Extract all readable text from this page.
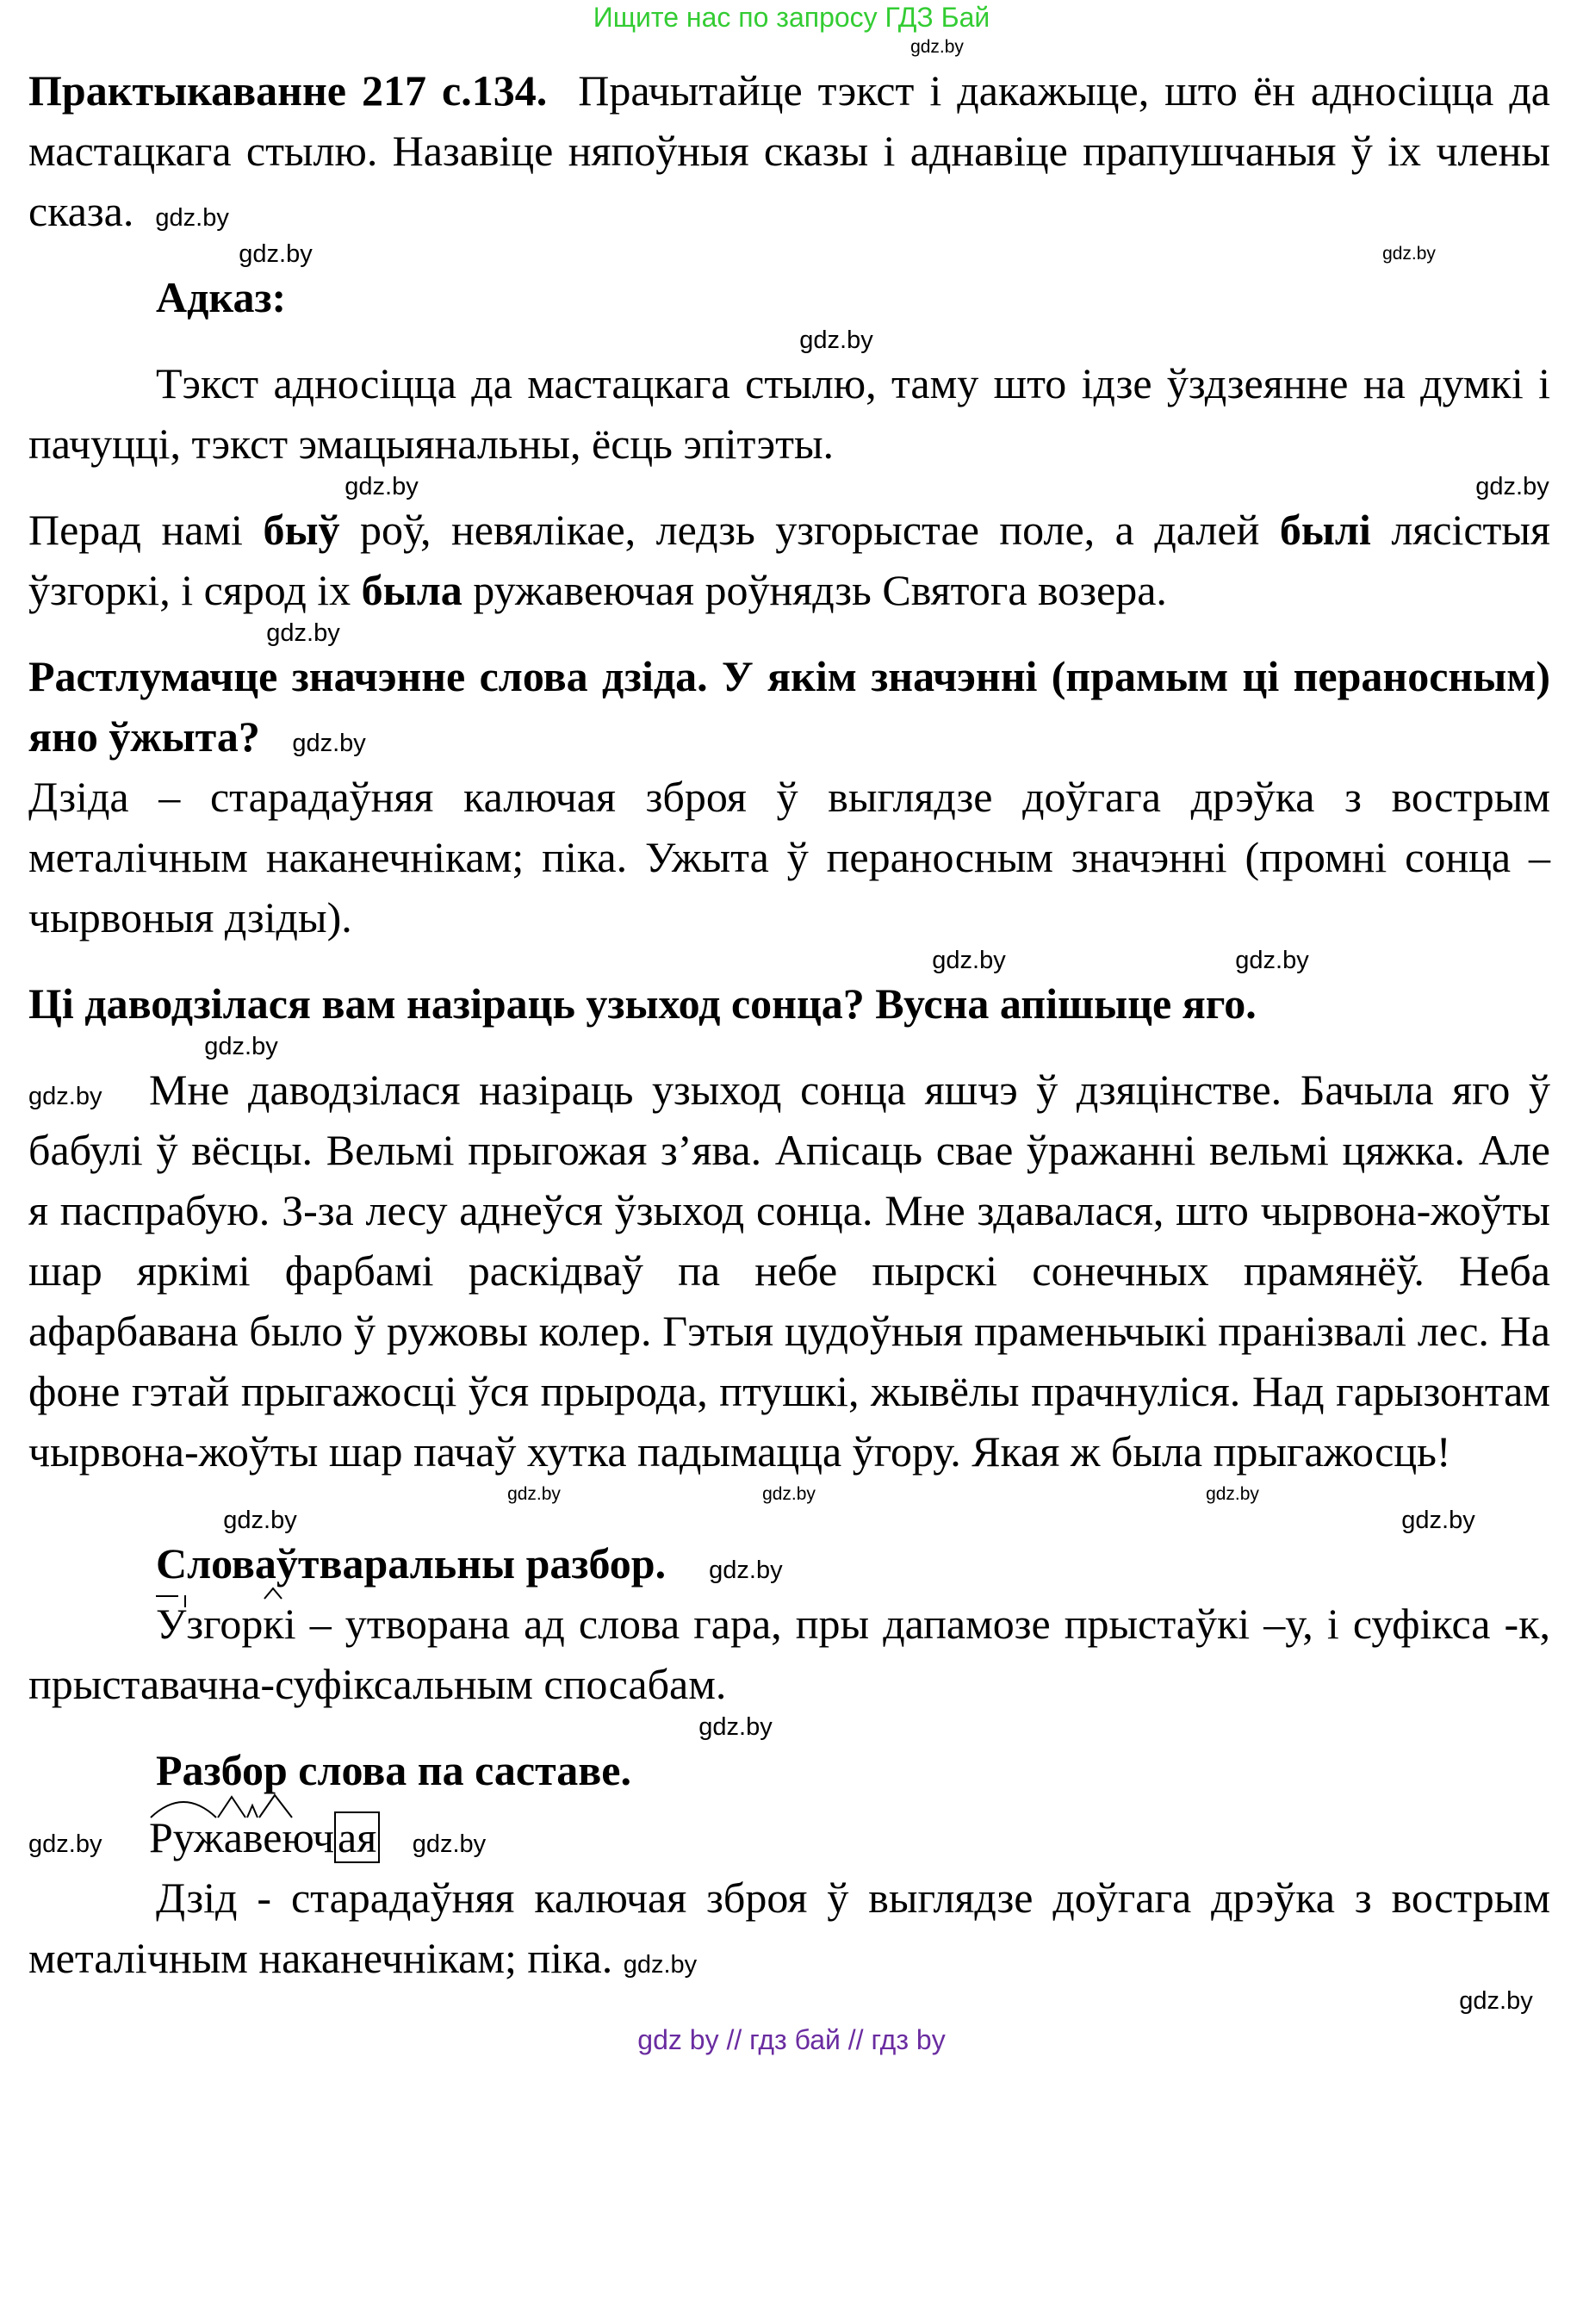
Ищите нас по запросу ГДЗ Бай
gdz.by
Практыкаванне 217 с.134. Прачытайце тэкст і дакажыце, што ён адносіцца да мастацкага стылю. Назавіце няпоўныя сказы і аднавіце прапушчаныя ў іх члены сказа. gdz.by
gdz.by
gdz.by
Адказ:
gdz.by
Тэкст адносіцца да мастацкага стылю, таму што ідзе ўздзеянне на думкі і пачуцці, тэкст эмацыянальны, ёсць эпітэты.
gdz.by	gdz.by
Перад намі быў роў, невялікае, ледзь узгорыстае поле, а далей былі лясістыя ўзгоркі, і сярод іх была ружавеючая роўнядзь Святога возера.
gdz.by
Растлумачце значэнне слова дзіда. У якім значэнні (прамым ці пераносным) яно ўжыта? gdz.by
Дзіда – старадаўняя калючая зброя ў выглядзе доўгага дрэўка з вострым металічным наканечнікам; піка. Ужыта ў пераносным значэнні (промні сонца – чырвоныя дзіды).
gdz.by	gdz.by
Ці даводзілася вам назіраць узыход сонца? Вусна апішыце яго.
gdz.by
gdz.by Мне даводзілася назіраць узыход сонца яшчэ ў дзяцінстве. Бачыла яго ў бабулі ў вёсцы. Вельмі прыгожая з’ява. Апісаць свае ўражанні вельмі цяжка. Але я паспрабую. З-за лесу аднеўся ўзыход сонца. Мне здавалася, што чырвона-жоўты шар яркімі фарбамі раскідваў па небе пырскі сонечных прамянёў. Неба афарбавана было ў ружовы колер. Гэтыя цудоўныя праменьчыкі пранізвалі лес. На фоне гэтай прыгажосці ўся прырода, птушкі, жывёлы прачнуліся. Над гарызонтам чырвона-жоўты шар пачаў хутка падымацца ўгору. Якая ж была прыгажосць!
gdz.by	gdz.by	gdz.by
gdz.by	gdz.by
Словаўтваральны разбор. gdz.by
Узгор
кі – утворана ад слова гара, пры дапамозе прыстаўкі –у, і суфікса -к, прыставачна-суфіксальным спосабам.
gdz.by
Разбор слова па саставе.
gdz.by Ружавеючая gdz.by
Дзід - старадаўняя калючая зброя ў выглядзе доўгага дрэўка з вострым металічным наканечнікам; піка. gdz.by
gdz.by
gdz by // гдз бай // гдз by
